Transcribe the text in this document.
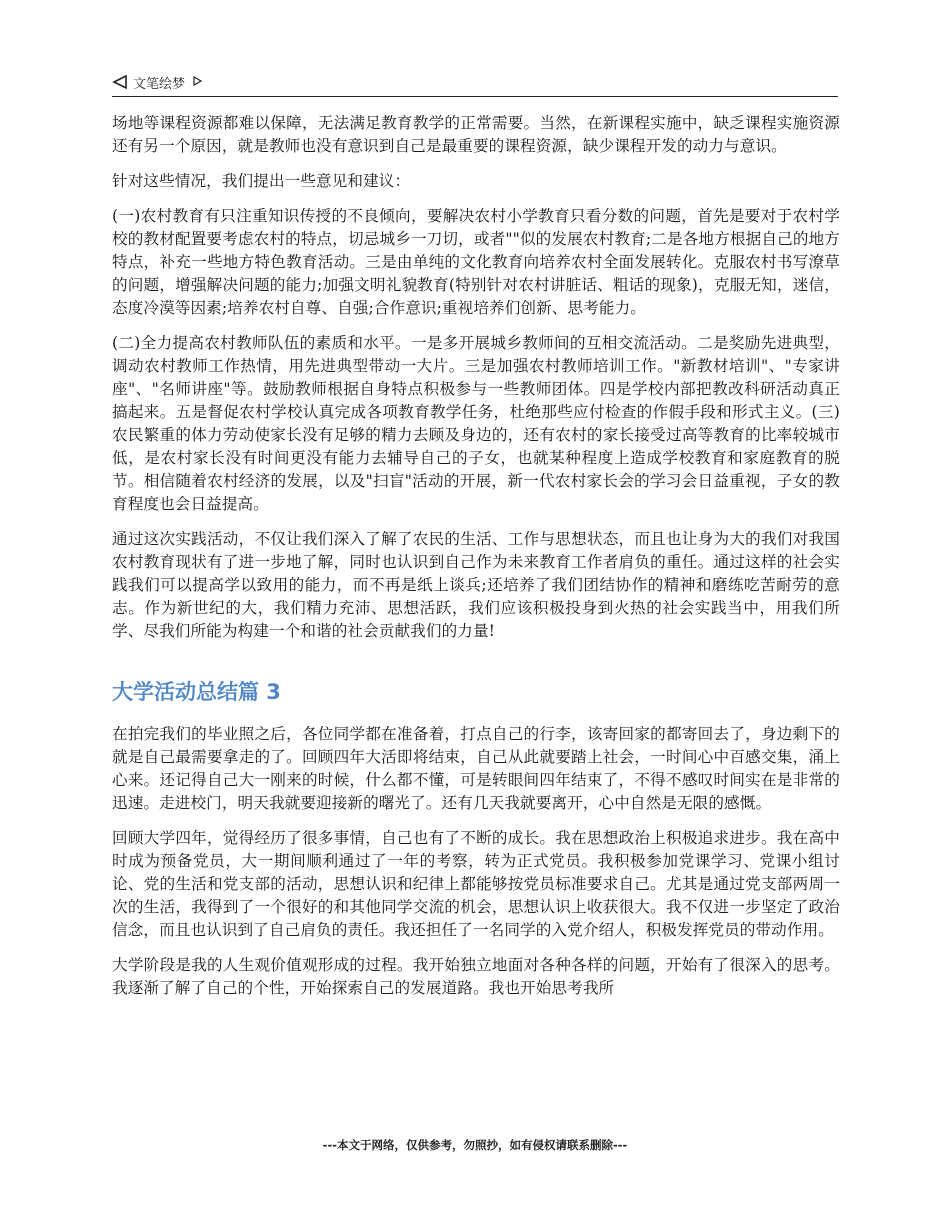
文笔绘梦

场地等课程资源都难以保障，无法满足教育教学的正常需要。当然，在新课程实施中，缺乏课程实施资源还有另一个原因，就是教师也没有意识到自己是最重要的课程资源，缺少课程开发的动力与意识。

针对这些情况，我们提出一些意见和建议：

(一)农村教育有只注重知识传授的不良倾向，要解决农村小学教育只看分数的问题，首先是要对于农村学校的教材配置要考虑农村的特点，切忌城乡一刀切，或者""似的发展农村教育;二是各地方根据自己的地方特点，补充一些地方特色教育活动。三是由单纯的文化教育向培养农村全面发展转化。克服农村书写潦草的问题，增强解决问题的能力;加强文明礼貌教育(特别针对农村讲脏话、粗话的现象)，克服无知，迷信，态度冷漠等因素;培养农村自尊、自强;合作意识;重视培养们创新、思考能力。

(二)全力提高农村教师队伍的素质和水平。一是多开展城乡教师间的互相交流活动。二是奖励先进典型，调动农村教师工作热情，用先进典型带动一大片。三是加强农村教师培训工作。"新教材培训"、"专家讲座"、"名师讲座"等。鼓励教师根据自身特点积极参与一些教师团体。四是学校内部把教改科研活动真正搞起来。五是督促农村学校认真完成各项教育教学任务，杜绝那些应付检查的作假手段和形式主义。(三)农民繁重的体力劳动使家长没有足够的精力去顾及身边的，还有农村的家长接受过高等教育的比率较城市低，是农村家长没有时间更没有能力去辅导自己的子女，也就某种程度上造成学校教育和家庭教育的脱节。相信随着农村经济的发展，以及"扫盲"活动的开展，新一代农村家长会的学习会日益重视，子女的教育程度也会日益提高。

通过这次实践活动，不仅让我们深入了解了农民的生活、工作与思想状态，而且也让身为大的我们对我国农村教育现状有了进一步地了解，同时也认识到自己作为未来教育工作者肩负的重任。通过这样的社会实践我们可以提高学以致用的能力，而不再是纸上谈兵;还培养了我们团结协作的精神和磨练吃苦耐劳的意志。作为新世纪的大，我们精力充沛、思想活跃，我们应该积极投身到火热的社会实践当中，用我们所学、尽我们所能为构建一个和谐的社会贡献我们的力量!

大学活动总结篇 3

在拍完我们的毕业照之后，各位同学都在准备着，打点自己的行李，该寄回家的都寄回去了，身边剩下的就是自己最需要拿走的了。回顾四年大活即将结束，自己从此就要踏上社会，一时间心中百感交集，涌上心来。还记得自己大一刚来的时候，什么都不懂，可是转眼间四年结束了，不得不感叹时间实在是非常的迅速。走进校门，明天我就要迎接新的曙光了。还有几天我就要离开，心中自然是无限的感慨。

回顾大学四年，觉得经历了很多事情，自己也有了不断的成长。我在思想政治上积极追求进步。我在高中时成为预备党员，大一期间顺利通过了一年的考察，转为正式党员。我积极参加党课学习、党课小组讨论、党的生活和党支部的活动，思想认识和纪律上都能够按党员标准要求自己。尤其是通过党支部两周一次的生活，我得到了一个很好的和其他同学交流的机会，思想认识上收获很大。我不仅进一步坚定了政治信念，而且也认识到了自己肩负的责任。我还担任了一名同学的入党介绍人，积极发挥党员的带动作用。

大学阶段是我的人生观价值观形成的过程。我开始独立地面对各种各样的问题，开始有了很深入的思考。我逐渐了解了自己的个性，开始探索自己的发展道路。我也开始思考我所

---本文于网络，仅供参考，勿照抄，如有侵权请联系删除---
